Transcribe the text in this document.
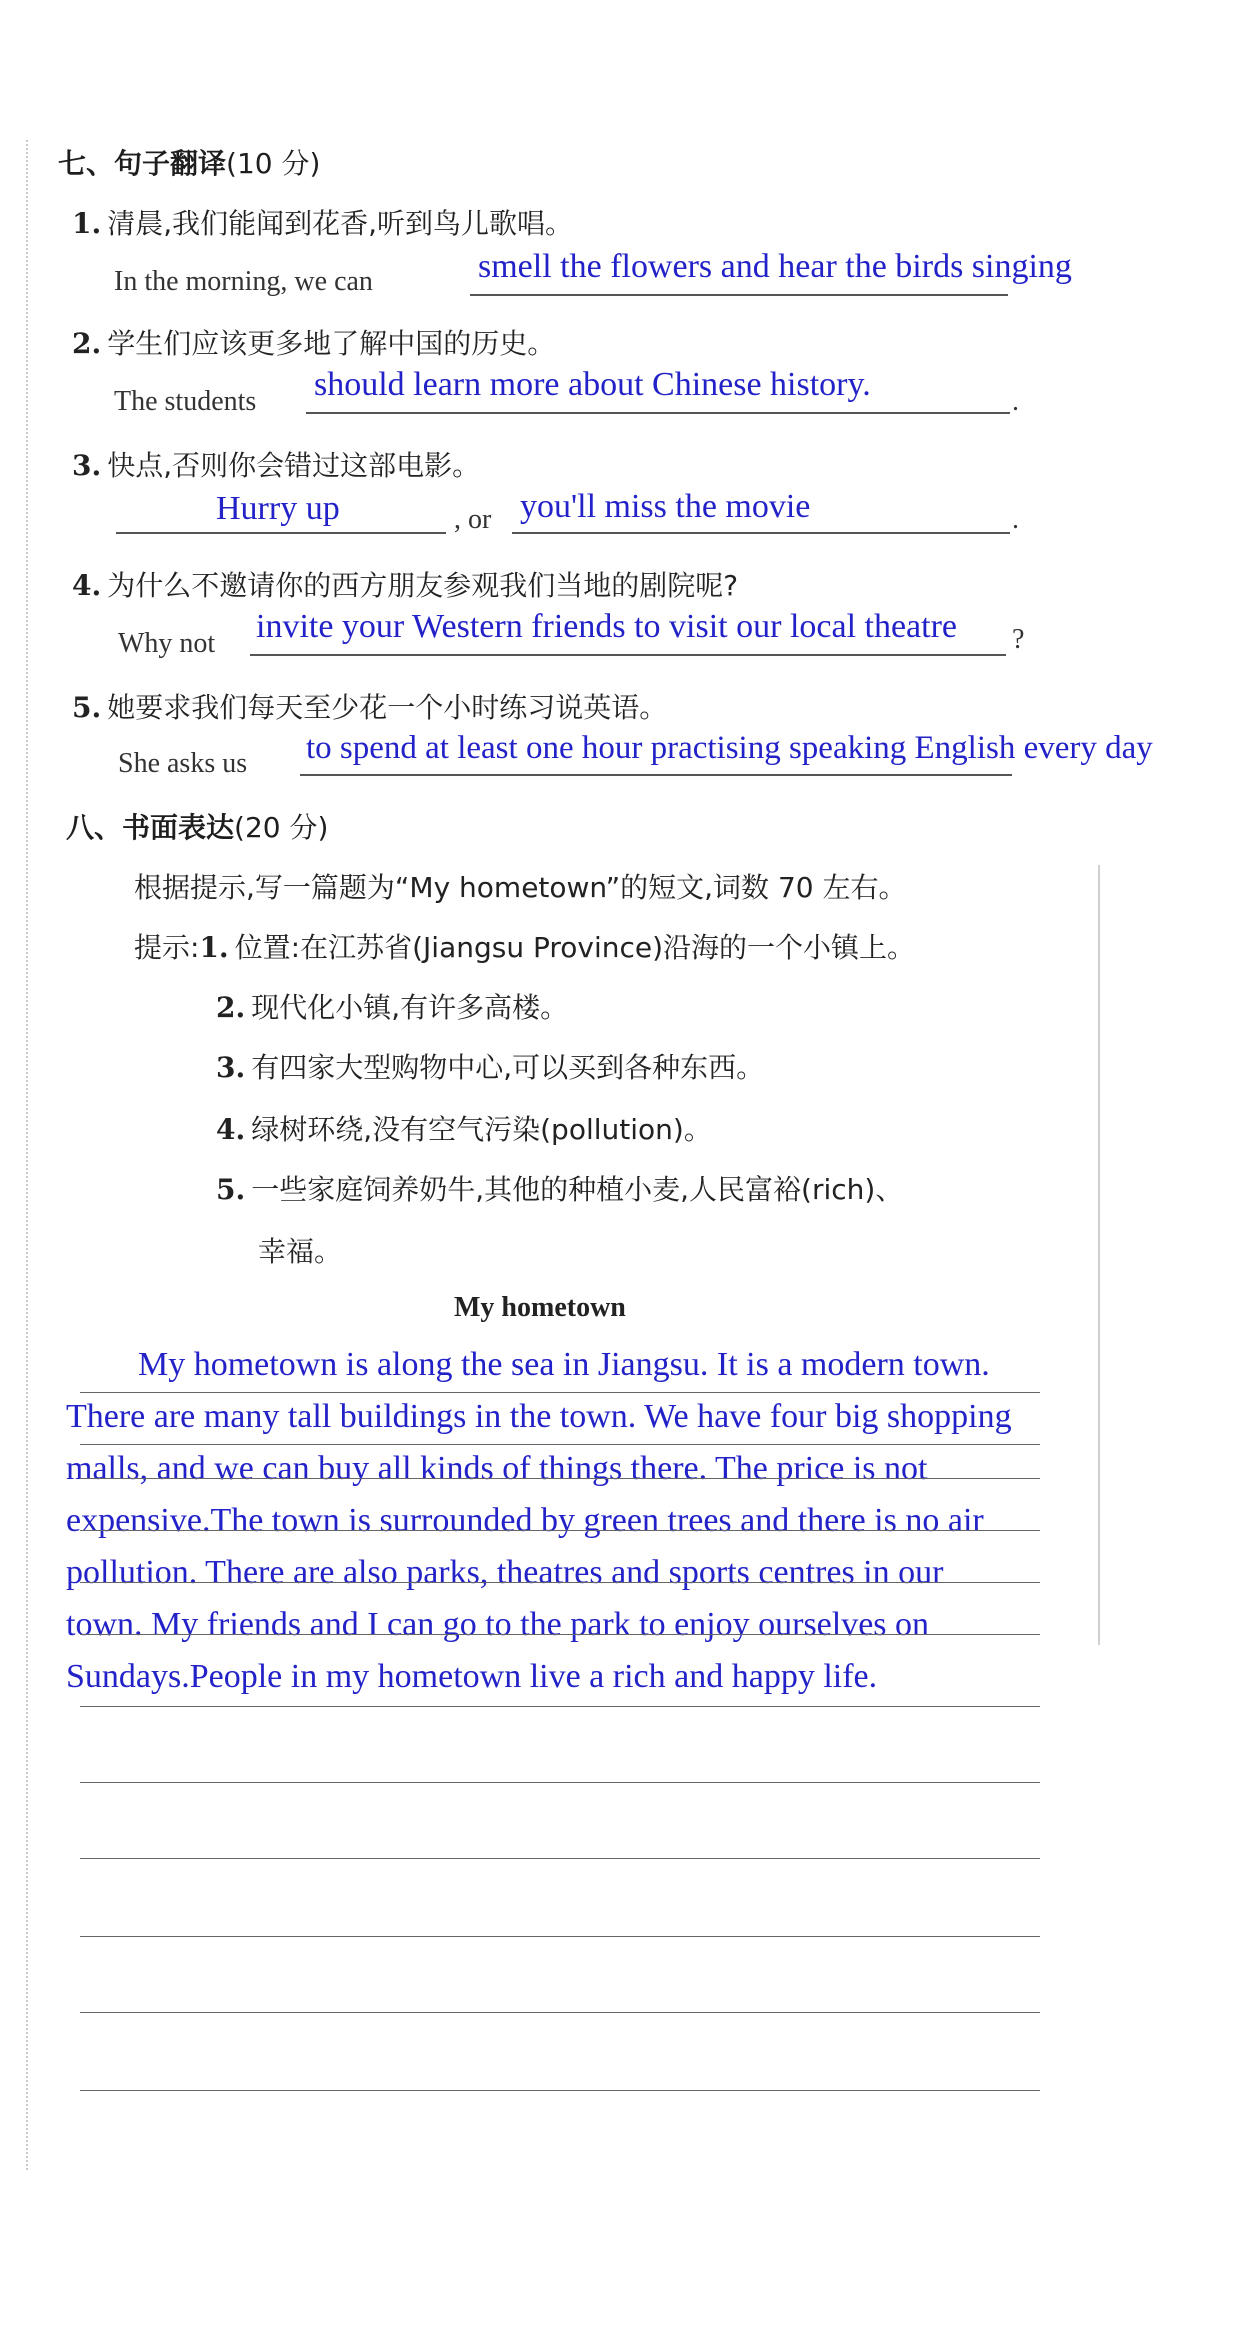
七、句子翻译(10 分)
1. 清晨,我们能闻到花香,听到鸟儿歌唱。
In the morning, we can	smell the flowers and hear the birds singing
2. 学生们应该更多地了解中国的历史。
The students should learn more about Chinese history.	.
3. 快点,否则你会错过这部电影。
Hurry up	, or you'll miss the movie	.
4. 为什么不邀请你的西方朋友参观我们当地的剧院呢?
Why not invite your Western friends to visit our local theatre ?
5. 她要求我们每天至少花一个小时练习说英语。
She asks us to spend at least one hour practising speaking English every day
八、书面表达(20 分)
根据提示,写一篇题为“My hometown”的短文,词数 70 左右。
提示:1. 位置:在江苏省(Jiangsu Province)沿海的一个小镇上。
2. 现代化小镇,有许多高楼。
3. 有四家大型购物中心,可以买到各种东西。
4. 绿树环绕,没有空气污染(pollution)。
5. 一些家庭饲养奶牛,其他的种植小麦,人民富裕(rich)、
幸福。
My hometown
My hometown is along the sea in Jiangsu. It is a modern town.
There are many tall buildings in the town. We have four big shopping
malls, and we can buy all kinds of things there. The price is not
expensive.The town is surrounded by green trees and there is no air
pollution. There are also parks, theatres and sports centres in our
town. My friends and I can go to the park to enjoy ourselves on
Sundays.People in my hometown live a rich and happy life.
